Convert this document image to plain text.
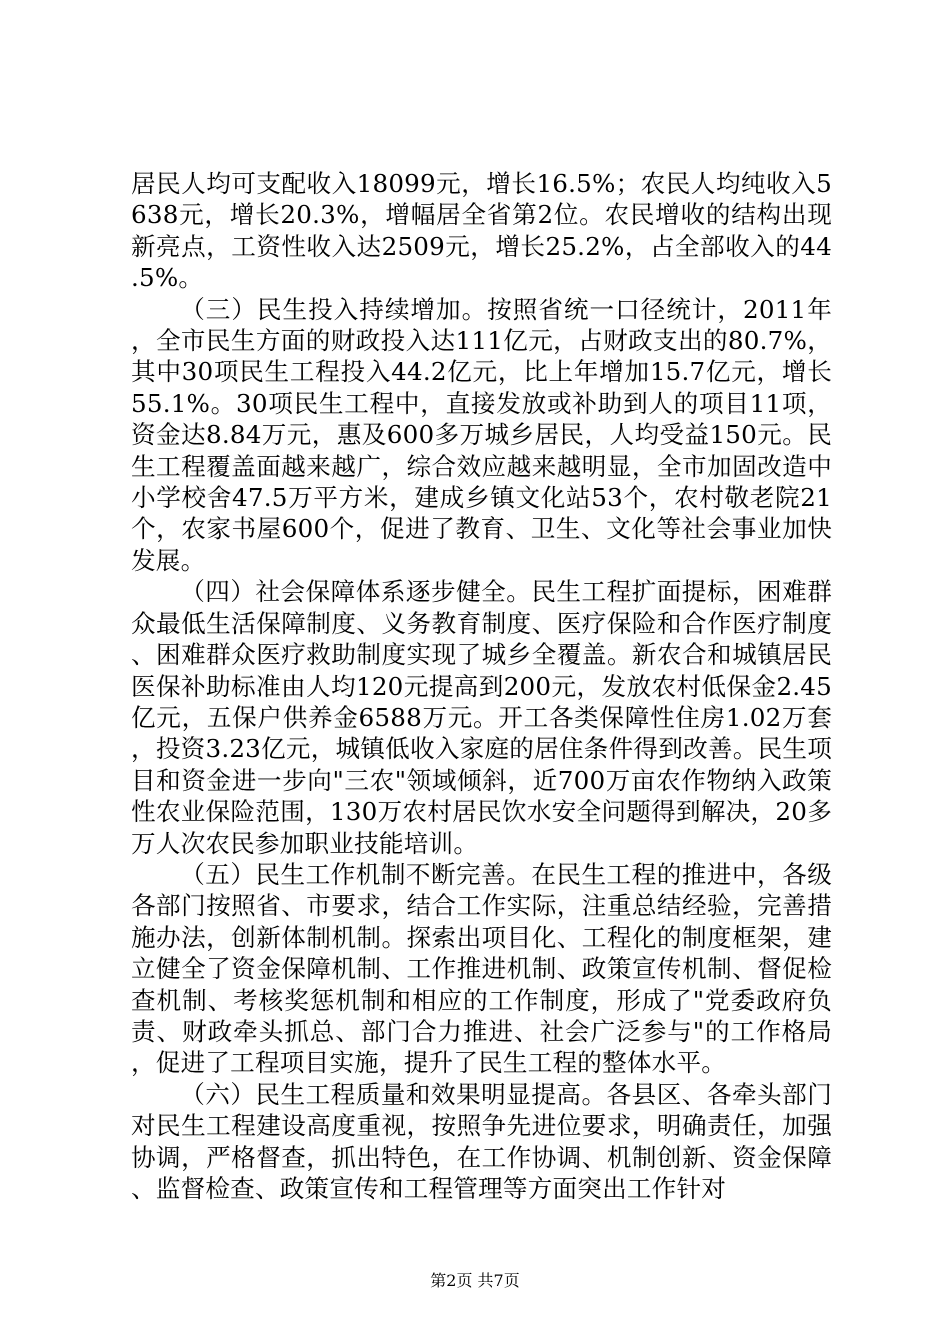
居民人均可支配收入18099元，增长16.5%；农民人均纯收入5638元，增长20.3%，增幅居全省第2位。农民增收的结构出现新亮点，工资性收入达2509元，增长25.2%，占全部收入的44.5%。

（三）民生投入持续增加。按照省统一口径统计，2011年，全市民生方面的财政投入达111亿元，占财政支出的80.7%，其中30项民生工程投入44.2亿元，比上年增加15.7亿元，增长55.1%。30项民生工程中，直接发放或补助到人的项目11项，资金达8.84万元，惠及600多万城乡居民，人均受益150元。民生工程覆盖面越来越广，综合效应越来越明显，全市加固改造中小学校舍47.5万平方米，建成乡镇文化站53个，农村敬老院21个，农家书屋600个，促进了教育、卫生、文化等社会事业加快发展。

（四）社会保障体系逐步健全。民生工程扩面提标，困难群众最低生活保障制度、义务教育制度、医疗保险和合作医疗制度、困难群众医疗救助制度实现了城乡全覆盖。新农合和城镇居民医保补助标准由人均120元提高到200元，发放农村低保金2.45亿元，五保户供养金6588万元。开工各类保障性住房1.02万套，投资3.23亿元，城镇低收入家庭的居住条件得到改善。民生项目和资金进一步向"三农"领域倾斜，近700万亩农作物纳入政策性农业保险范围，130万农村居民饮水安全问题得到解决，20多万人次农民参加职业技能培训。

（五）民生工作机制不断完善。在民生工程的推进中，各级各部门按照省、市要求，结合工作实际，注重总结经验，完善措施办法，创新体制机制。探索出项目化、工程化的制度框架，建立健全了资金保障机制、工作推进机制、政策宣传机制、督促检查机制、考核奖惩机制和相应的工作制度，形成了"党委政府负责、财政牵头抓总、部门合力推进、社会广泛参与"的工作格局，促进了工程项目实施，提升了民生工程的整体水平。

（六）民生工程质量和效果明显提高。各县区、各牵头部门对民生工程建设高度重视，按照争先进位要求，明确责任，加强协调，严格督查，抓出特色，在工作协调、机制创新、资金保障、监督检查、政策宣传和工程管理等方面突出工作针对

第2页 共7页
